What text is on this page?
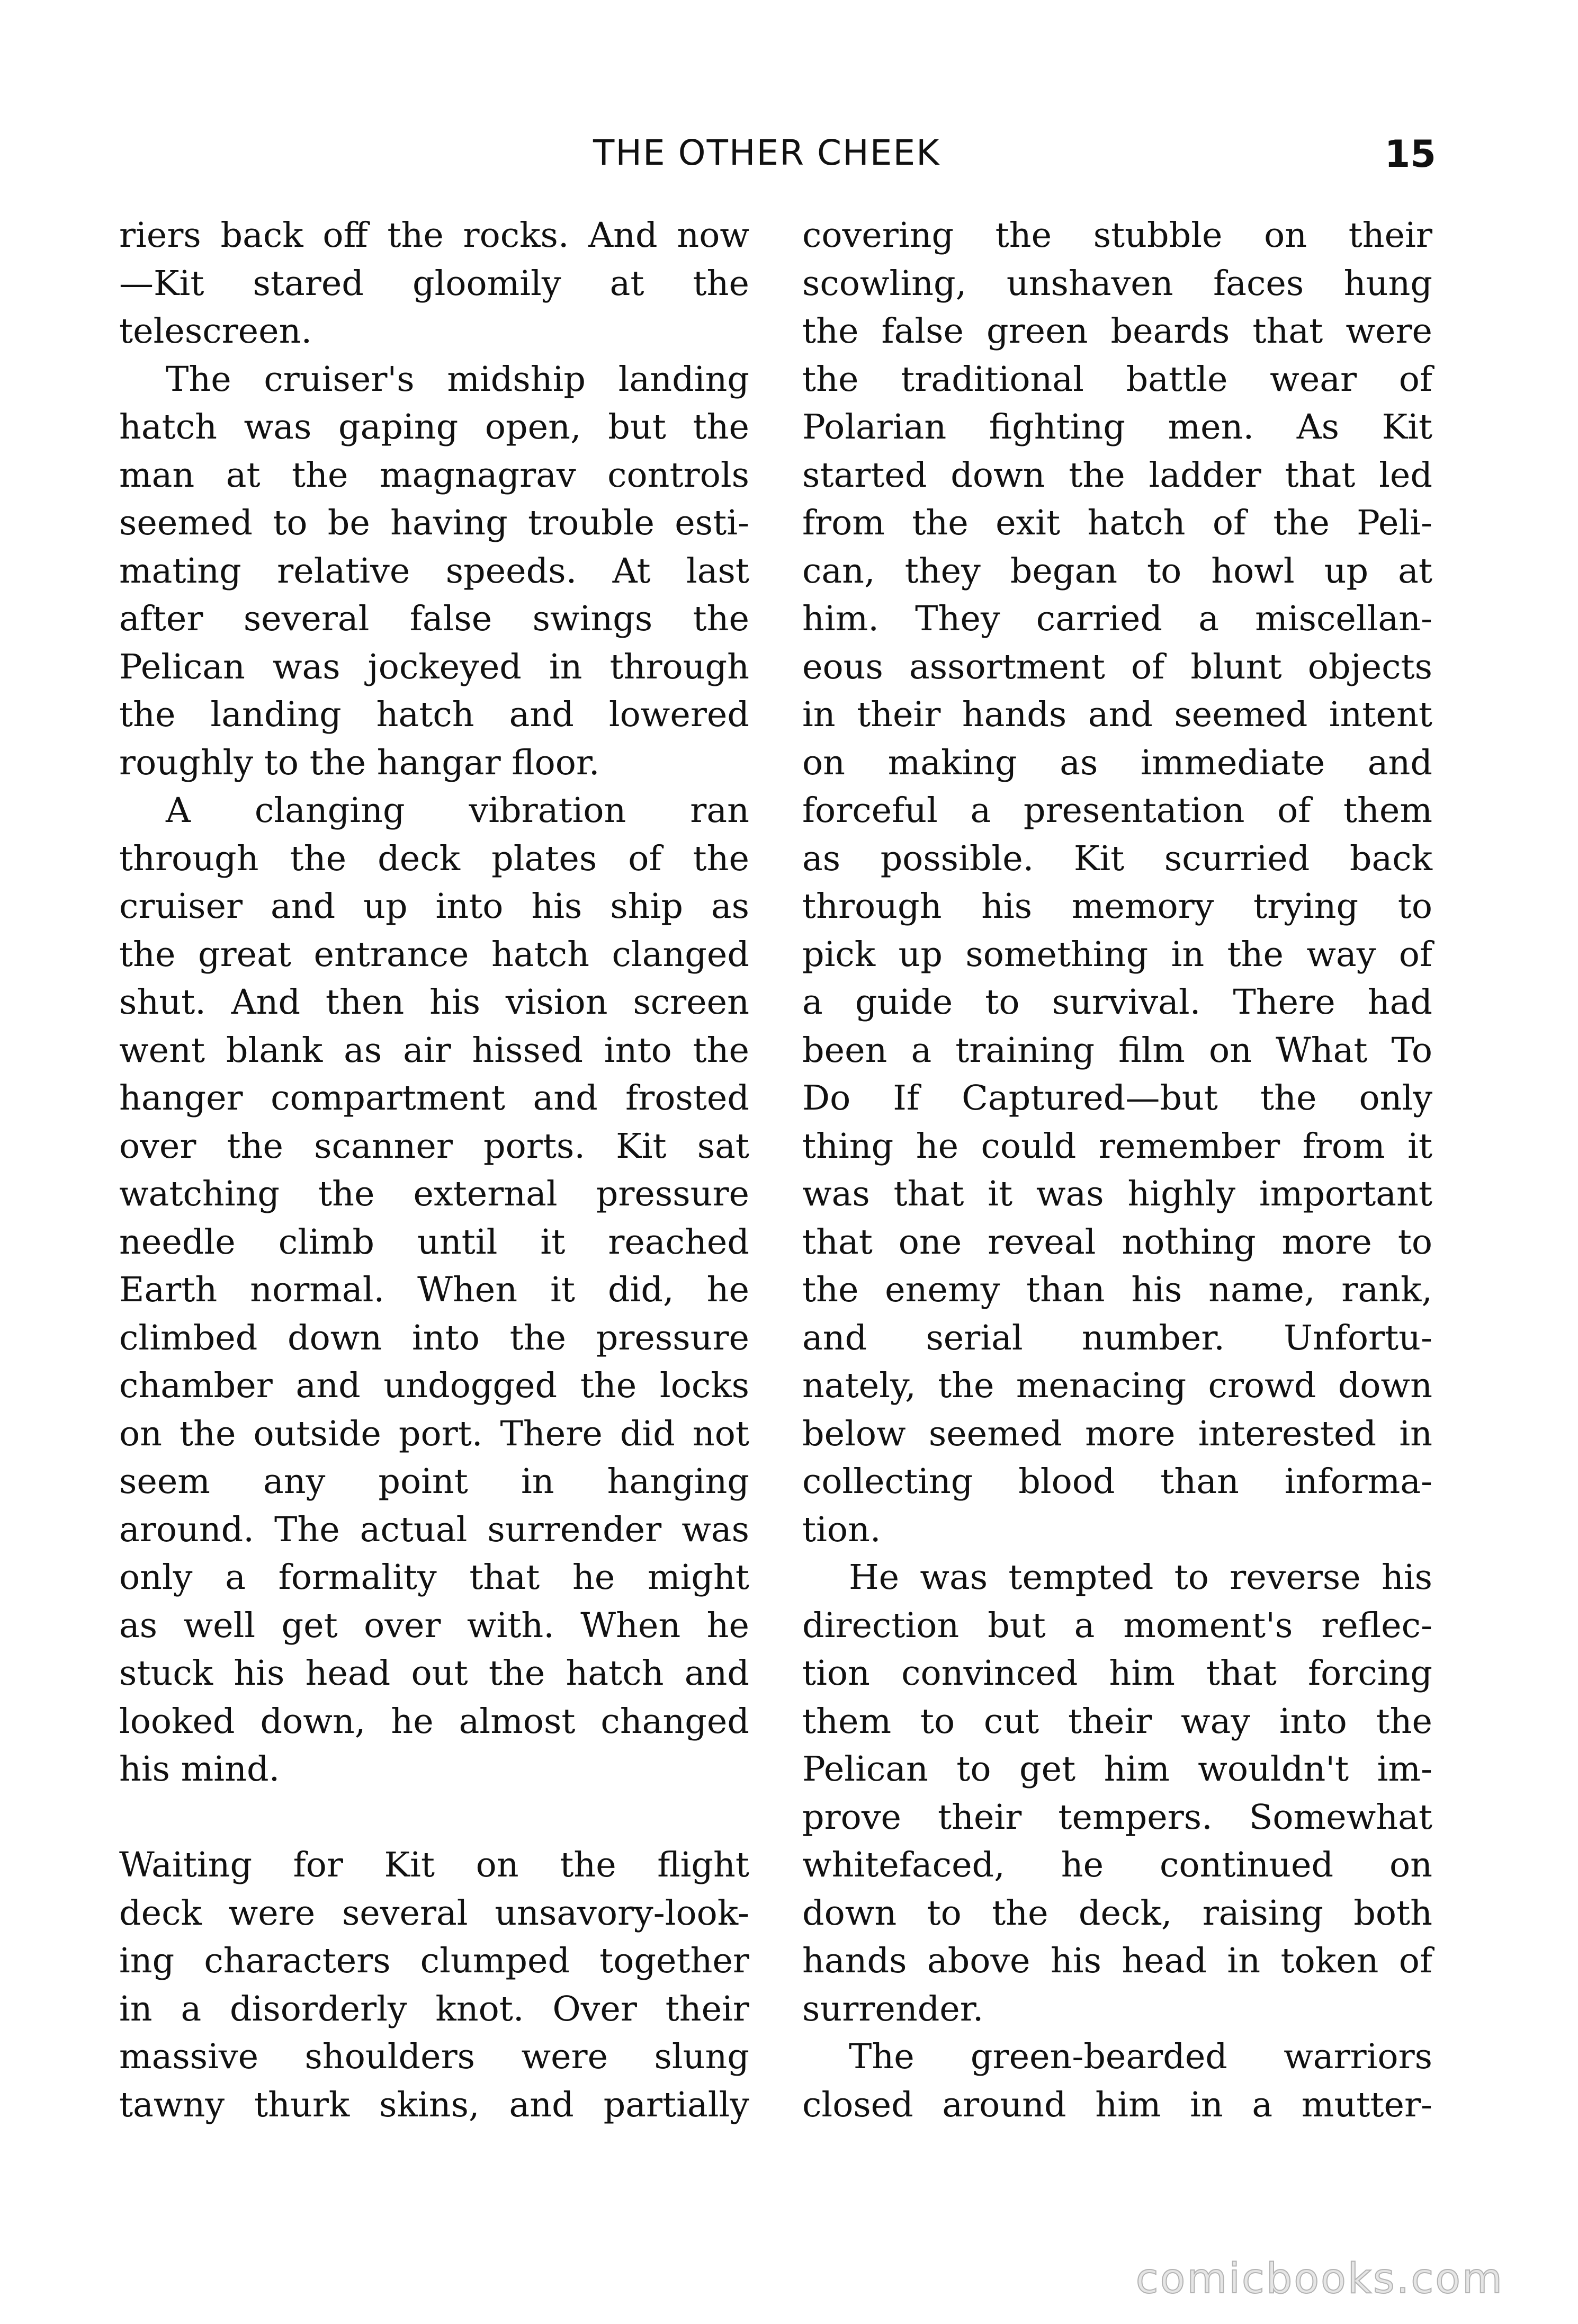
THE OTHER CHEEK	15
riers back off the rocks. And now
—Kit stared gloomily at the
telescreen.
The cruiser's midship landing
hatch was gaping open, but the
man at the magnagrav controls
seemed to be having trouble esti-
mating relative speeds. At last
after several false swings the
Pelican was jockeyed in through
the landing hatch and lowered
roughly to the hangar floor.
A clanging vibration ran
through the deck plates of the
cruiser and up into his ship as
the great entrance hatch clanged
shut. And then his vision screen
went blank as air hissed into the
hanger compartment and frosted
over the scanner ports. Kit sat
watching the external pressure
needle climb until it reached
Earth normal. When it did, he
climbed down into the pressure
chamber and undogged the locks
on the outside port. There did not
seem any point in hanging
around. The actual surrender was
only a formality that he might
as well get over with. When he
stuck his head out the hatch and
looked down, he almost changed
his mind.
Waiting for Kit on the flight
deck were several unsavory-look-
ing characters clumped together
in a disorderly knot. Over their
massive shoulders were slung
tawny thurk skins, and partially
covering the stubble on their
scowling, unshaven faces hung
the false green beards that were
the traditional battle wear of
Polarian fighting men. As Kit
started down the ladder that led
from the exit hatch of the Peli-
can, they began to howl up at
him. They carried a miscellan-
eous assortment of blunt objects
in their hands and seemed intent
on making as immediate and
forceful a presentation of them
as possible. Kit scurried back
through his memory trying to
pick up something in the way of
a guide to survival. There had
been a training film on What To
Do If Captured—but the only
thing he could remember from it
was that it was highly important
that one reveal nothing more to
the enemy than his name, rank,
and serial number. Unfortu-
nately, the menacing crowd down
below seemed more interested in
collecting blood than informa-
tion.
He was tempted to reverse his
direction but a moment's reflec-
tion convinced him that forcing
them to cut their way into the
Pelican to get him wouldn't im-
prove their tempers. Somewhat
whitefaced, he continued on
down to the deck, raising both
hands above his head in token of
surrender.
The green-bearded warriors
closed around him in a mutter-
comicbooks.com
